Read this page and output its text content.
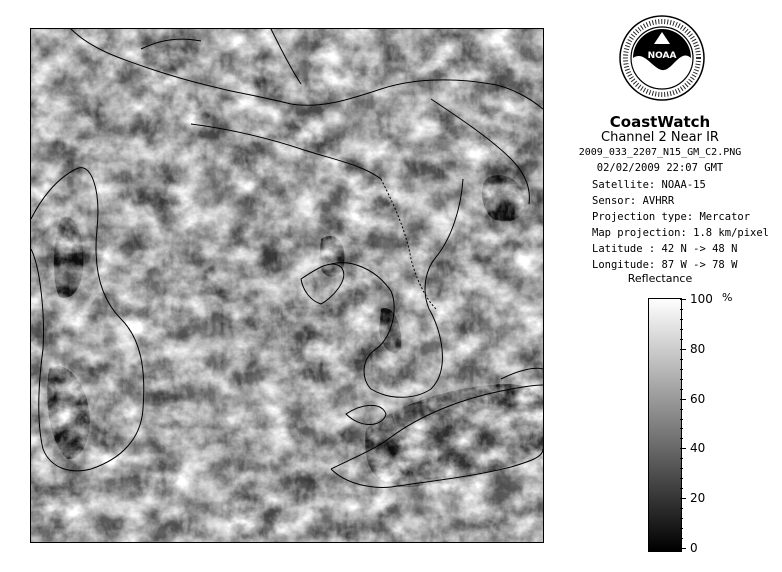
NOAA
CoastWatch
Channel 2 Near IR
2009_033_2207_N15_GM_C2.PNG
02/02/2009 22:07 GMT
Satellite: NOAA-15
Sensor: AVHRR
Projection type: Mercator
Map projection: 1.8 km/pixel
Latitude : 42 N -> 48 N
Longitude: 87 W -> 78 W
Reflectance
%
100
80
60
40
20
0
